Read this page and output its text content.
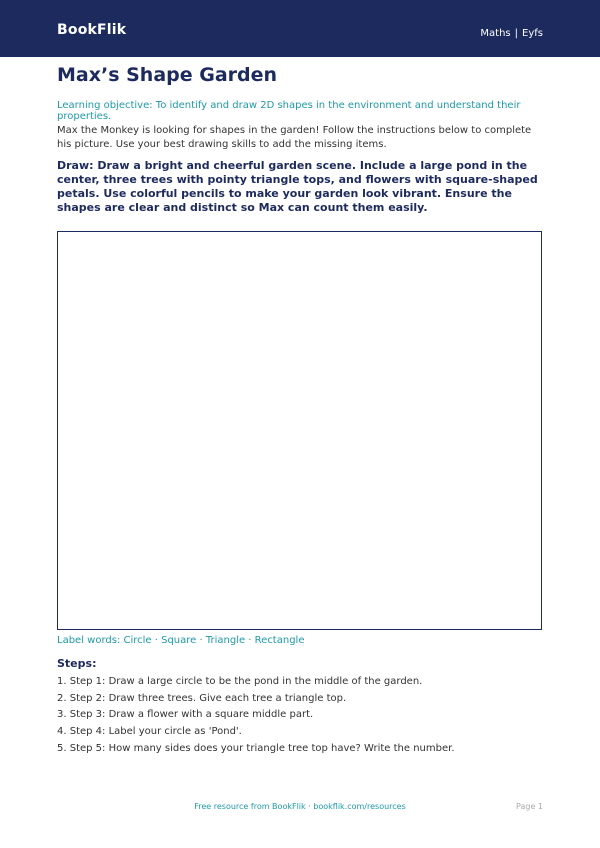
BookFlik	Maths | Eyfs
Max’s Shape Garden
Learning objective: To identify and draw 2D shapes in the environment and understand their properties.
Max the Monkey is looking for shapes in the garden! Follow the instructions below to complete his picture. Use your best drawing skills to add the missing items.
Draw: Draw a bright and cheerful garden scene. Include a large pond in the center, three trees with pointy triangle tops, and flowers with square-shaped petals. Use colorful pencils to make your garden look vibrant. Ensure the shapes are clear and distinct so Max can count them easily.
Label words: Circle · Square · Triangle · Rectangle
Steps:
1. Step 1: Draw a large circle to be the pond in the middle of the garden.
2. Step 2: Draw three trees. Give each tree a triangle top.
3. Step 3: Draw a flower with a square middle part.
4. Step 4: Label your circle as 'Pond'.
5. Step 5: How many sides does your triangle tree top have? Write the number.
Free resource from BookFlik · bookflik.com/resources	Page 1
